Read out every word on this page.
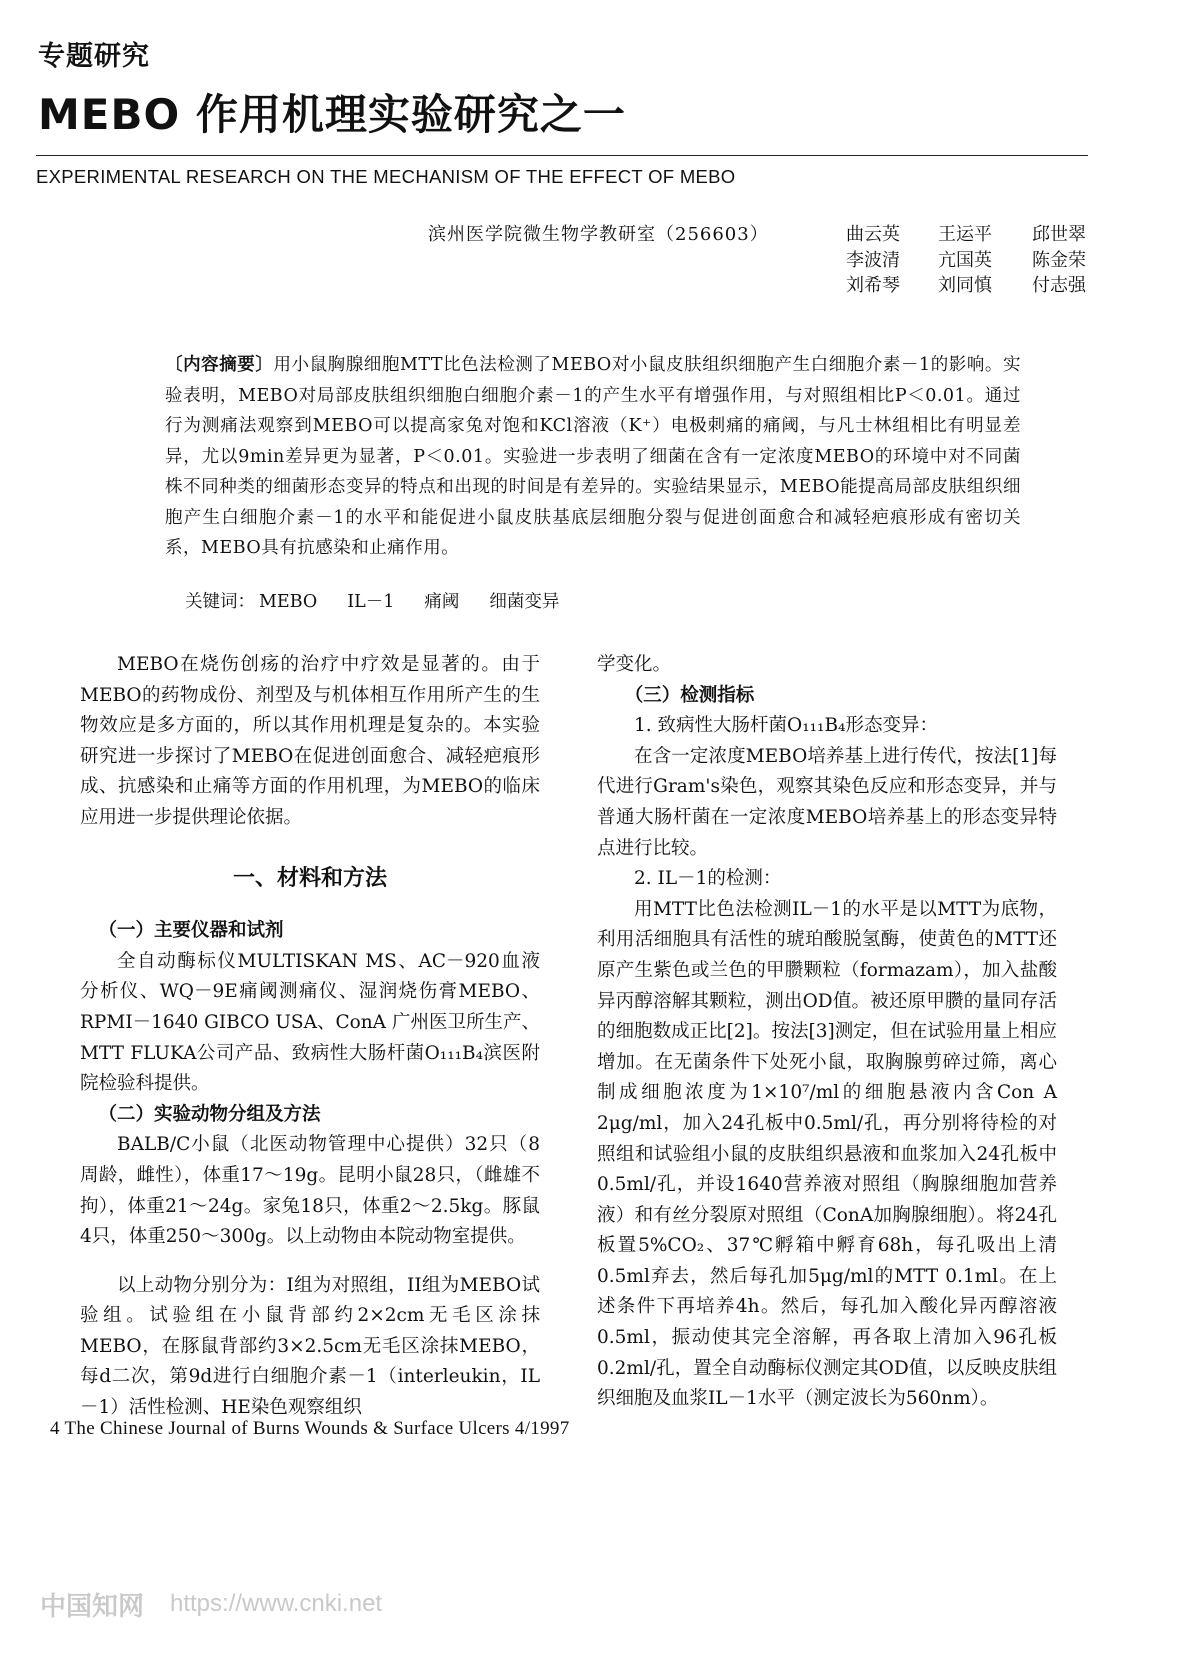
专题研究
MEBO 作用机理实验研究之一
EXPERIMENTAL RESEARCH ON THE MECHANISM OF THE EFFECT OF MEBO
滨州医学院微生物学教研室（256603）	曲云英 王运平 邱世翠
李波清 亢国英 陈金荣
刘希琴 刘同慎 付志强
〔内容摘要〕用小鼠胸腺细胞MTT比色法检测了MEBO对小鼠皮肤组织细胞产生白细胞介素－1的影响。实验表明，MEBO对局部皮肤组织细胞白细胞介素－1的产生水平有增强作用，与对照组相比P＜0.01。通过行为测痛法观察到MEBO可以提高家兔对饱和KCl溶液（K⁺）电极刺痛的痛阈，与凡士林组相比有明显差异，尤以9min差异更为显著，P＜0.01。实验进一步表明了细菌在含有一定浓度MEBO的环境中对不同菌株不同种类的细菌形态变异的特点和出现的时间是有差异的。实验结果显示，MEBO能提高局部皮肤组织细胞产生白细胞介素－1的水平和能促进小鼠皮肤基底层细胞分裂与促进创面愈合和减轻疤痕形成有密切关系，MEBO具有抗感染和止痛作用。
关键词： MEBO IL－1 痛阈 细菌变异

MEBO在烧伤创疡的治疗中疗效是显著的。由于MEBO的药物成份、剂型及与机体相互作用所产生的生物效应是多方面的，所以其作用机理是复杂的。本实验研究进一步探讨了MEBO在促进创面愈合、减轻疤痕形成、抗感染和止痛等方面的作用机理，为MEBO的临床应用进一步提供理论依据。

一、材料和方法

（一）主要仪器和试剂

全自动酶标仪MULTISKAN MS、AC－920血液分析仪、WQ－9E痛阈测痛仪、湿润烧伤膏MEBO、RPMI－1640 GIBCO USA、ConA 广州医卫所生产、MTT FLUKA公司产品、致病性大肠杆菌O₁₁₁B₄滨医附院检验科提供。

（二）实验动物分组及方法

BALB/C小鼠（北医动物管理中心提供）32只（8周龄，雌性），体重17～19g。昆明小鼠28只，（雌雄不拘），体重21～24g。家兔18只，体重2～2.5kg。豚鼠4只，体重250～300g。以上动物由本院动物室提供。

以上动物分别分为：I组为对照组，II组为MEBO试验组。试验组在小鼠背部约2×2cm无毛区涂抹MEBO，在豚鼠背部约3×2.5cm无毛区涂抹MEBO，每d二次，第9d进行白细胞介素－1（interleukin，IL－1）活性检测、HE染色观察组织

学变化。

（三）检测指标

1. 致病性大肠杆菌O₁₁₁B₄形态变异：

在含一定浓度MEBO培养基上进行传代，按法[1]每代进行Gram's染色，观察其染色反应和形态变异，并与普通大肠杆菌在一定浓度MEBO培养基上的形态变异特点进行比较。

2. IL－1的检测：

用MTT比色法检测IL－1的水平是以MTT为底物，利用活细胞具有活性的琥珀酸脱氢酶，使黄色的MTT还原产生紫色或兰色的甲臜颗粒（formazam），加入盐酸异丙醇溶解其颗粒，测出OD值。被还原甲臜的量同存活的细胞数成正比[2]。按法[3]测定，但在试验用量上相应增加。在无菌条件下处死小鼠，取胸腺剪碎过筛，离心制成细胞浓度为1×10⁷/ml的细胞悬液内含Con A 2μg/ml，加入24孔板中0.5ml/孔，再分别将待检的对照组和试验组小鼠的皮肤组织悬液和血浆加入24孔板中0.5ml/孔，并设1640营养液对照组（胸腺细胞加营养液）和有丝分裂原对照组（ConA加胸腺细胞）。将24孔板置5%CO₂、37℃孵箱中孵育68h，每孔吸出上清0.5ml弃去，然后每孔加5μg/ml的MTT 0.1ml。在上述条件下再培养4h。然后，每孔加入酸化异丙醇溶液0.5ml，振动使其完全溶解，再各取上清加入96孔板0.2ml/孔，置全自动酶标仪测定其OD值，以反映皮肤组织细胞及血浆IL－1水平（测定波长为560nm）。

4 The Chinese Journal of Burns Wounds & Surface Ulcers 4/1997
中国知网 https://www.cnki.net
